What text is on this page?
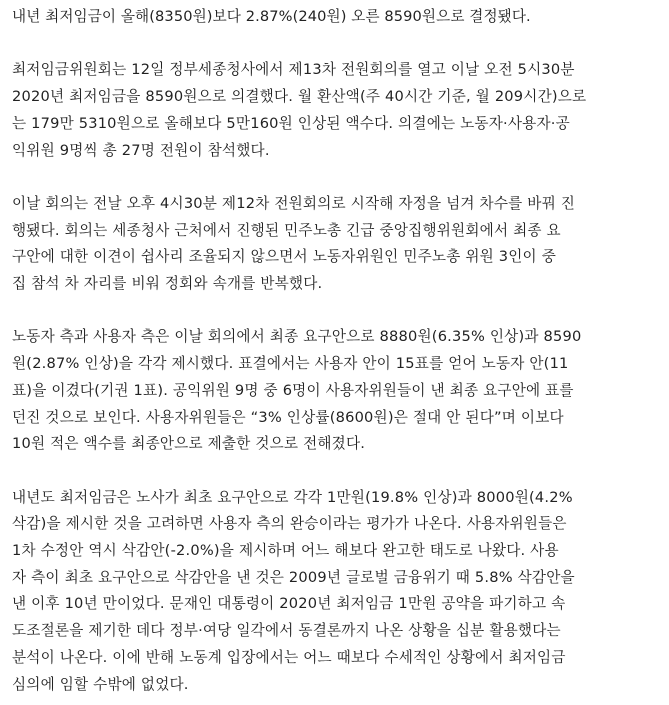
내년 최저임금이 올해(8350원)보다 2.87%(240원) 오른 8590원으로 결정됐다.
최저임금위원회는 12일 정부세종청사에서 제13차 전원회의를 열고 이날 오전 5시30분
2020년 최저임금을 8590원으로 의결했다. 월 환산액(주 40시간 기준, 월 209시간)으로
는 179만 5310원으로 올해보다 5만160원 인상된 액수다. 의결에는 노동자·사용자·공
익위원 9명씩 총 27명 전원이 참석했다.
이날 회의는 전날 오후 4시30분 제12차 전원회의로 시작해 자정을 넘겨 차수를 바꿔 진
행됐다. 회의는 세종청사 근처에서 진행된 민주노총 긴급 중앙집행위원회에서 최종 요
구안에 대한 이견이 쉽사리 조율되지 않으면서 노동자위원인 민주노총 위원 3인이 중
집 참석 차 자리를 비워 정회와 속개를 반복했다.
노동자 측과 사용자 측은 이날 회의에서 최종 요구안으로 8880원(6.35% 인상)과 8590
원(2.87% 인상)을 각각 제시했다. 표결에서는 사용자 안이 15표를 얻어 노동자 안(11
표)을 이겼다(기권 1표). 공익위원 9명 중 6명이 사용자위원들이 낸 최종 요구안에 표를
던진 것으로 보인다. 사용자위원들은 “3% 인상률(8600원)은 절대 안 된다”며 이보다
10원 적은 액수를 최종안으로 제출한 것으로 전해졌다.
내년도 최저임금은 노사가 최초 요구안으로 각각 1만원(19.8% 인상)과 8000원(4.2%
삭감)을 제시한 것을 고려하면 사용자 측의 완승이라는 평가가 나온다. 사용자위원들은
1차 수정안 역시 삭감안(-2.0%)을 제시하며 어느 해보다 완고한 태도로 나왔다. 사용
자 측이 최초 요구안으로 삭감안을 낸 것은 2009년 글로벌 금융위기 때 5.8% 삭감안을
낸 이후 10년 만이었다. 문재인 대통령이 2020년 최저임금 1만원 공약을 파기하고 속
도조절론을 제기한 데다 정부·여당 일각에서 동결론까지 나온 상황을 십분 활용했다는
분석이 나온다. 이에 반해 노동계 입장에서는 어느 때보다 수세적인 상황에서 최저임금
심의에 임할 수밖에 없었다.
